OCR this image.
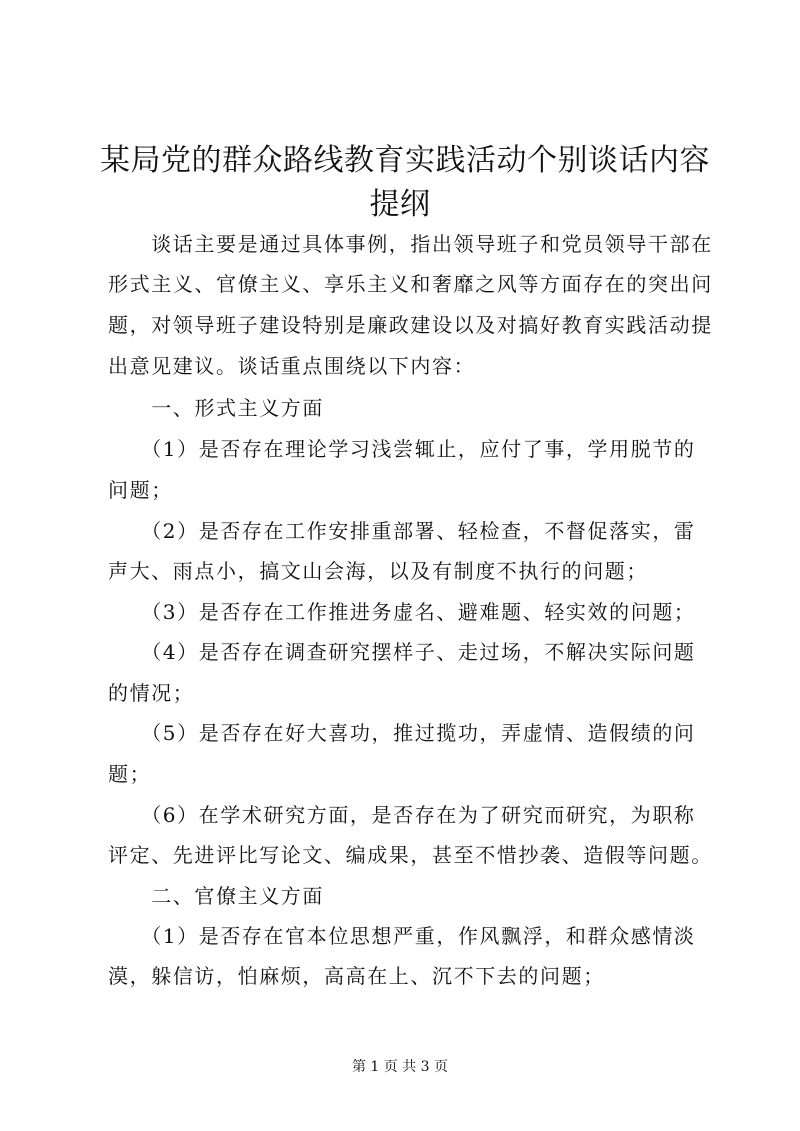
某局党的群众路线教育实践活动个别谈话内容
提纲
　　谈话主要是通过具体事例，指出领导班子和党员领导干部在
形式主义、官僚主义、享乐主义和奢靡之风等方面存在的突出问
题，对领导班子建设特别是廉政建设以及对搞好教育实践活动提
出意见建议。谈话重点围绕以下内容：
　　一、形式主义方面
　　（1）是否存在理论学习浅尝辄止，应付了事，学用脱节的
问题；
　　（2）是否存在工作安排重部署、轻检查，不督促落实，雷
声大、雨点小，搞文山会海，以及有制度不执行的问题；
　　（3）是否存在工作推进务虚名、避难题、轻实效的问题；
　　（4）是否存在调查研究摆样子、走过场，不解决实际问题
的情况；
　　（5）是否存在好大喜功，推过揽功，弄虚情、造假绩的问
题；
　　（6）在学术研究方面，是否存在为了研究而研究，为职称
评定、先进评比写论文、编成果，甚至不惜抄袭、造假等问题。
　　二、官僚主义方面
　　（1）是否存在官本位思想严重，作风飘浮，和群众感情淡
漠，躲信访，怕麻烦，高高在上、沉不下去的问题；
第 1 页 共 3 页
